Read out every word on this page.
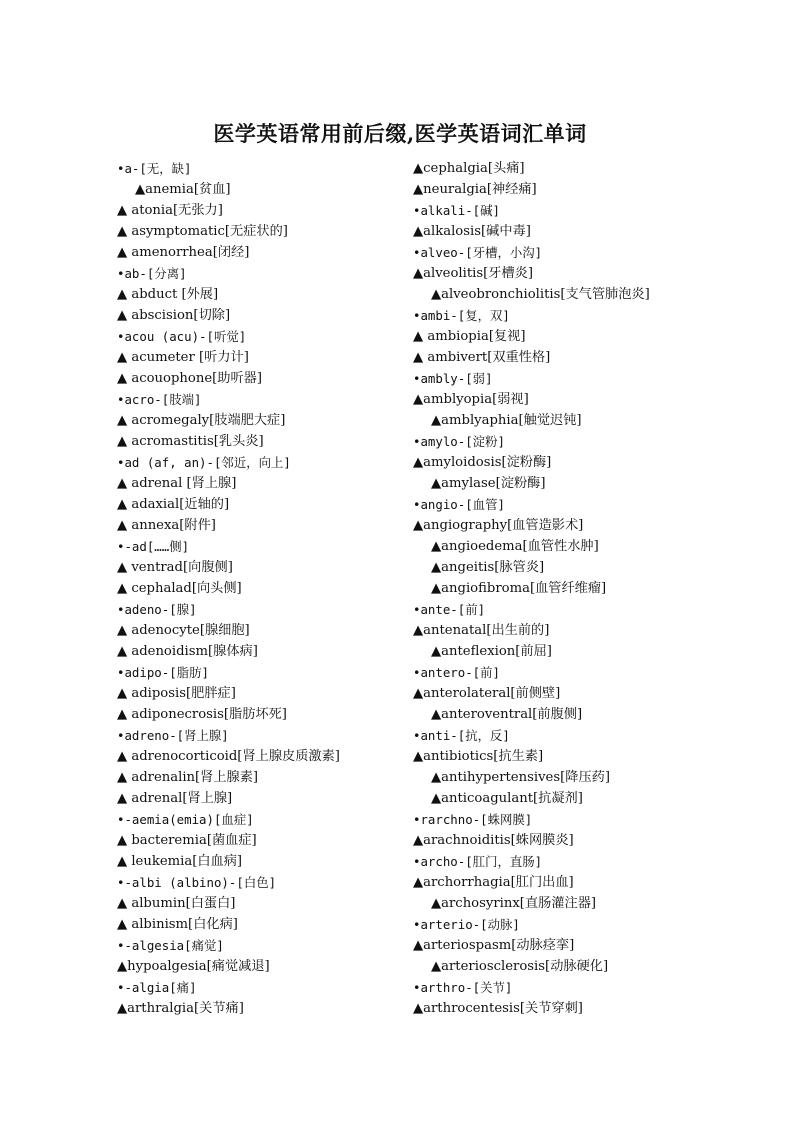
医学英语常用前后缀,医学英语词汇单词
•a-[无，缺]
▲anemia[贫血]
▲ atonia[无张力]
▲ asymptomatic[无症状的]
▲ amenorrhea[闭经]
•ab-[分离]
▲ abduct [外展]
▲ abscision[切除]
•acou (acu)-[听觉]
▲ acumeter [听力计]
▲ acouophone[助听器]
•acro-[肢端]
▲ acromegaly[肢端肥大症]
▲ acromastitis[乳头炎]
•ad (af, an)-[邻近，向上]
▲ adrenal [肾上腺]
▲ adaxial[近轴的]
▲ annexa[附件]
•-ad[……侧]
▲ ventrad[向腹侧]
▲ cephalad[向头侧]
•adeno-[腺]
▲ adenocyte[腺细胞]
▲ adenoidism[腺体病]
•adipo-[脂肪]
▲ adiposis[肥胖症]
▲ adiponecrosis[脂肪坏死]
•adreno-[肾上腺]
▲ adrenocorticoid[肾上腺皮质激素]
▲ adrenalin[肾上腺素]
▲ adrenal[肾上腺]
•-aemia(emia)[血症]
▲ bacteremia[菌血症]
▲ leukemia[白血病]
•-albi (albino)-[白色]
▲ albumin[白蛋白]
▲ albinism[白化病]
•-algesia[痛觉]
▲hypoalgesia[痛觉减退]
•-algia[痛]
▲arthralgia[关节痛]
▲cephalgia[头痛]
▲neuralgia[神经痛]
•alkali-[碱]
▲alkalosis[碱中毒]
•alveo-[牙槽，小沟]
▲alveolitis[牙槽炎]
▲alveobronchiolitis[支气管肺泡炎]
•ambi-[复，双]
▲ ambiopia[复视]
▲ ambivert[双重性格]
•ambly-[弱]
▲amblyopia[弱视]
▲amblyaphia[触觉迟钝]
•amylo-[淀粉]
▲amyloidosis[淀粉酶]
▲amylase[淀粉酶]
•angio-[血管]
▲angiography[血管造影术]
▲angioedema[血管性水肿]
▲angeitis[脉管炎]
▲angiofibroma[血管纤维瘤]
•ante-[前]
▲antenatal[出生前的]
▲anteflexion[前屈]
•antero-[前]
▲anterolateral[前侧壁]
▲anteroventral[前腹侧]
•anti-[抗，反]
▲antibiotics[抗生素]
▲antihypertensives[降压药]
▲anticoagulant[抗凝剂]
•rarchno-[蛛网膜]
▲arachnoiditis[蛛网膜炎]
•archo-[肛门，直肠]
▲archorrhagia[肛门出血]
▲archosyrinx[直肠灌注器]
•arterio-[动脉]
▲arteriospasm[动脉痉挛]
▲arteriosclerosis[动脉硬化]
•arthro-[关节]
▲arthrocentesis[关节穿刺]
